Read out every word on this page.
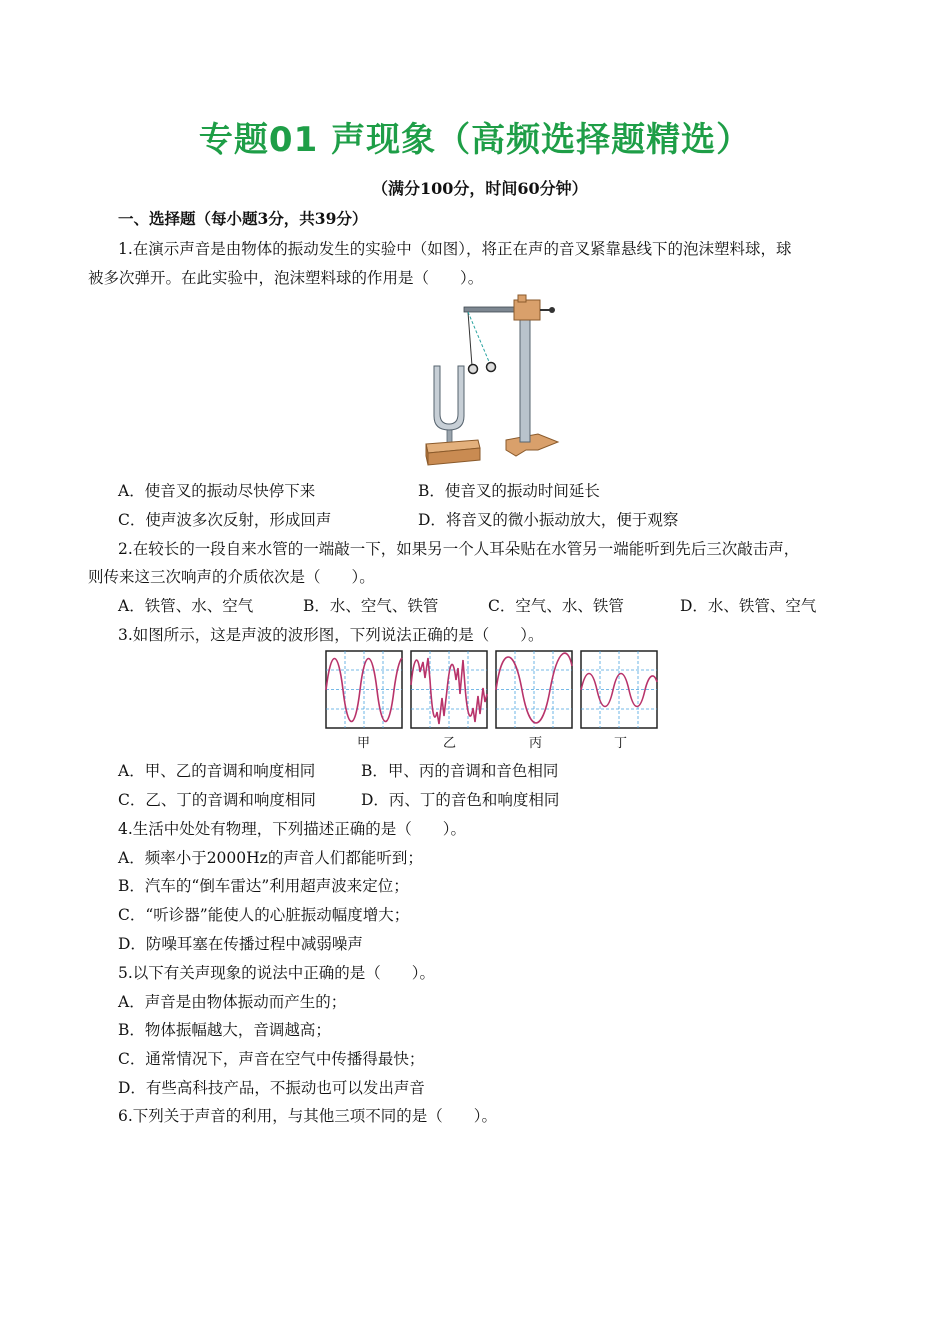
专题01 声现象（高频选择题精选）
（满分100分，时间60分钟）
一、选择题（每小题3分，共39分）
1.在演示声音是由物体的振动发生的实验中（如图），将正在声的音叉紧靠悬线下的泡沫塑料球，球
被多次弹开。在此实验中，泡沫塑料球的作用是（　　）。
A．使音叉的振动尽快停下来	B．使音叉的振动时间延长
C．使声波多次反射，形成回声	D．将音叉的微小振动放大，便于观察
2.在较长的一段自来水管的一端敲一下，如果另一个人耳朵贴在水管另一端能听到先后三次敲击声，
则传来这三次响声的介质依次是（　　）。
A．铁管、水、空气	B．水、空气、铁管	C．空气、水、铁管	D．水、铁管、空气
3.如图所示，这是声波的波形图，下列说法正确的是（　　）。
甲	乙	丙	丁
A．甲、乙的音调和响度相同	B．甲、丙的音调和音色相同
C．乙、丁的音调和响度相同	D．丙、丁的音色和响度相同
4.生活中处处有物理，下列描述正确的是（　　）。
A．频率小于2000Hz的声音人们都能听到；
B．汽车的“倒车雷达”利用超声波来定位；
C．“听诊器”能使人的心脏振动幅度增大；
D．防噪耳塞在传播过程中减弱噪声
5.以下有关声现象的说法中正确的是（　　）。
A．声音是由物体振动而产生的；
B．物体振幅越大，音调越高；
C．通常情况下，声音在空气中传播得最快；
D．有些高科技产品，不振动也可以发出声音
6.下列关于声音的利用，与其他三项不同的是（　　）。
